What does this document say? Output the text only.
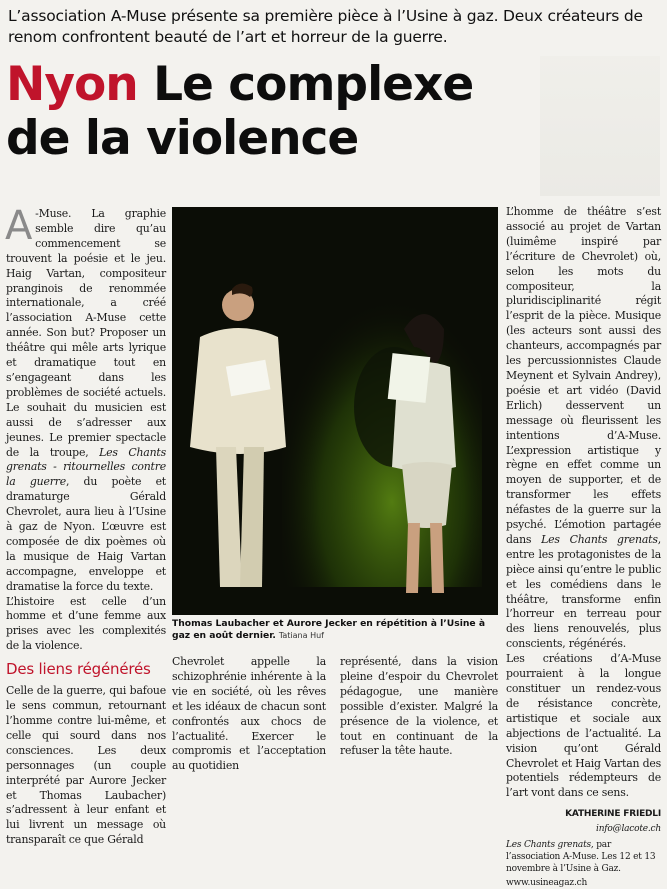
L’association A-Muse présente sa première pièce à l’Usine à gaz. Deux créateurs de renom confrontent beauté de l’art et horreur de la guerre.
Nyon Le complexe
de la violence

A -Muse. La graphie semble dire qu’au commencement se trouvent la poésie et le jeu. Haig Vartan, compositeur pranginois de renommée internationale, a créé l’association A-Muse cette année. Son but? Proposer un théâtre qui mêle arts lyrique et dramatique tout en s’engageant dans les problèmes de société actuels. Le souhait du musicien est aussi de s’adresser aux jeunes. Le premier spectacle de la troupe, Les Chants grenats - ritournelles contre la guerre, du poète et dramaturge Gérald Chevrolet, aura lieu à l’Usine à gaz de Nyon. L’œuvre est composée de dix poèmes où la musique de Haig Vartan accompagne, enveloppe et dramatise la force du texte.

L’histoire est celle d’un homme et d’une femme aux prises avec les complexités de la violence.

Des liens régénérés

Celle de la guerre, qui bafoue le sens commun, retournant l’homme contre lui-même, et celle qui sourd dans nos consciences. Les deux personnages (un couple interprété par Aurore Jecker et Thomas Laubacher) s’adressent à leur enfant et lui livrent un message où transparaît ce que Gérald

Thomas Laubacher et Aurore Jecker en répétition à l’Usine à gaz en août dernier. Tatiana Huf

Chevrolet appelle la schizophrénie inhérente à la vie en société, où les rêves et les idéaux de chacun sont confrontés aux chocs de l’actualité. Exercer le compromis et l’acceptation au quotidien

représenté, dans la vision pleine d’espoir du Chevrolet pédagogue, une manière possible d’exister. Malgré la présence de la violence, et tout en continuant de la refuser la tête haute.

L’homme de théâtre s’est associé au projet de Vartan (luimême inspiré par l’écriture de Chevrolet) où, selon les mots du compositeur, la pluridisciplinarité régit l’esprit de la pièce. Musique (les acteurs sont aussi des chanteurs, accompagnés par les percussionnistes Claude Meynent et Sylvain Andrey), poésie et art vidéo (David Erlich) desservent un message où fleurissent les intentions d’A-Muse. L’expression artistique y règne en effet comme un moyen de supporter, et de transformer les effets néfastes de la guerre sur la psyché. L’émotion partagée dans Les Chants grenats, entre les protagonistes de la pièce ainsi qu’entre le public et les comédiens dans le théâtre, transforme enfin l’horreur en terreau pour des liens renouvelés, plus conscients, régénérés.

Les créations d’A-Muse pourraient à la longue constituer un rendez-vous de résistance concrète, artistique et sociale aux abjections de l’actualité. La vision qu’ont Gérald Chevrolet et Haig Vartan des potentiels rédempteurs de l’art vont dans ce sens.

KATHERINE FRIEDLI
info@lacote.ch
Les Chants grenats, par l’association A-Muse. Les 12 et 13 novembre à l’Usine à Gaz.
www.usineagaz.ch
